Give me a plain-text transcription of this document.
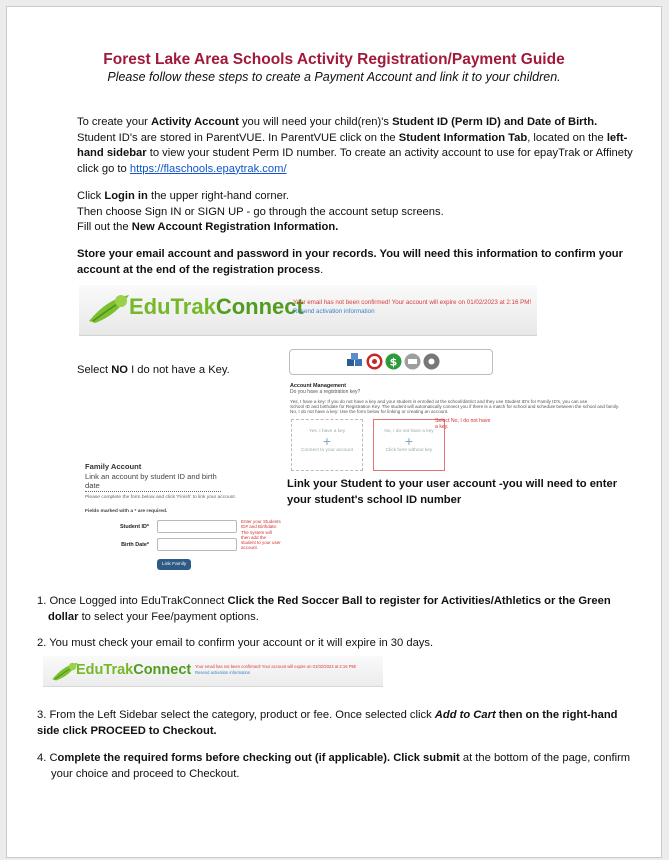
Forest Lake Area Schools Activity Registration/Payment Guide
Please follow these steps to create a Payment Account and link it to your children.
To create your Activity Account you will need your child(ren)'s Student ID (Perm ID) and Date of Birth. Student ID's are stored in ParentVUE. In ParentVUE click on the Student Information Tab, located on the left-hand sidebar to view your student Perm ID number. To create an activity account to use for epayTrak or Affinety click go to https://flaschools.epaytrak.com/
Click Login in the upper right-hand corner.
Then choose Sign IN or SIGN UP - go through the account setup screens.
Fill out the New Account Registration Information.
Store your email account and password in your records. You will need this information to confirm your account at the end of the registration process.
EduTrakConnect
Your email has not been confirmed! Your account will expire on 01/02/2023 at 2:16 PM!
Resend activation information
Select NO I do not have a Key.
$
Account Management
Do you have a registration key?
Yes, I have a key: If you do not have a key and your student is enrolled at the school/district and they use Student ID's for Family ID's, you can use
School ID and birthdate for Registration Key. The student will automatically connect you if there is a match for school and schedule between the school and family.
No, I do not have a key: Use the form below for linking or creating an account.
Yes, I have a key
+
Connect to your account
No, I do not have a key
+
Click here without key
Select No, I do not have a key.
Family Account
Link an account by student ID and birth date
Please complete the form below and click 'Finish' to link your account.
Fields marked with a * are required.
Student ID*
Birth Date*
Link Family
Enter your Students ID# and Birthdate. The system will then add the student to your user account.
Link your Student to your user account -you will need to enter your student's school ID number
1. Once Logged into EduTrakConnect Click the Red Soccer Ball to register for Activities/Athletics or the Green dollar to select your Fee/payment options.
2. You must check your email to confirm your account or it will expire in 30 days.
EduTrakConnect Your email has not been confirmed! Your account will expire on 01/02/2023 at 2:16 PM!
Resend activation information
3. From the Left Sidebar select the category, product or fee. Once selected click Add to Cart then on the right-hand side click PROCEED to Checkout.
4. Complete the required forms before checking out (if applicable). Click submit at the bottom of the page, confirm your choice and proceed to Checkout.
